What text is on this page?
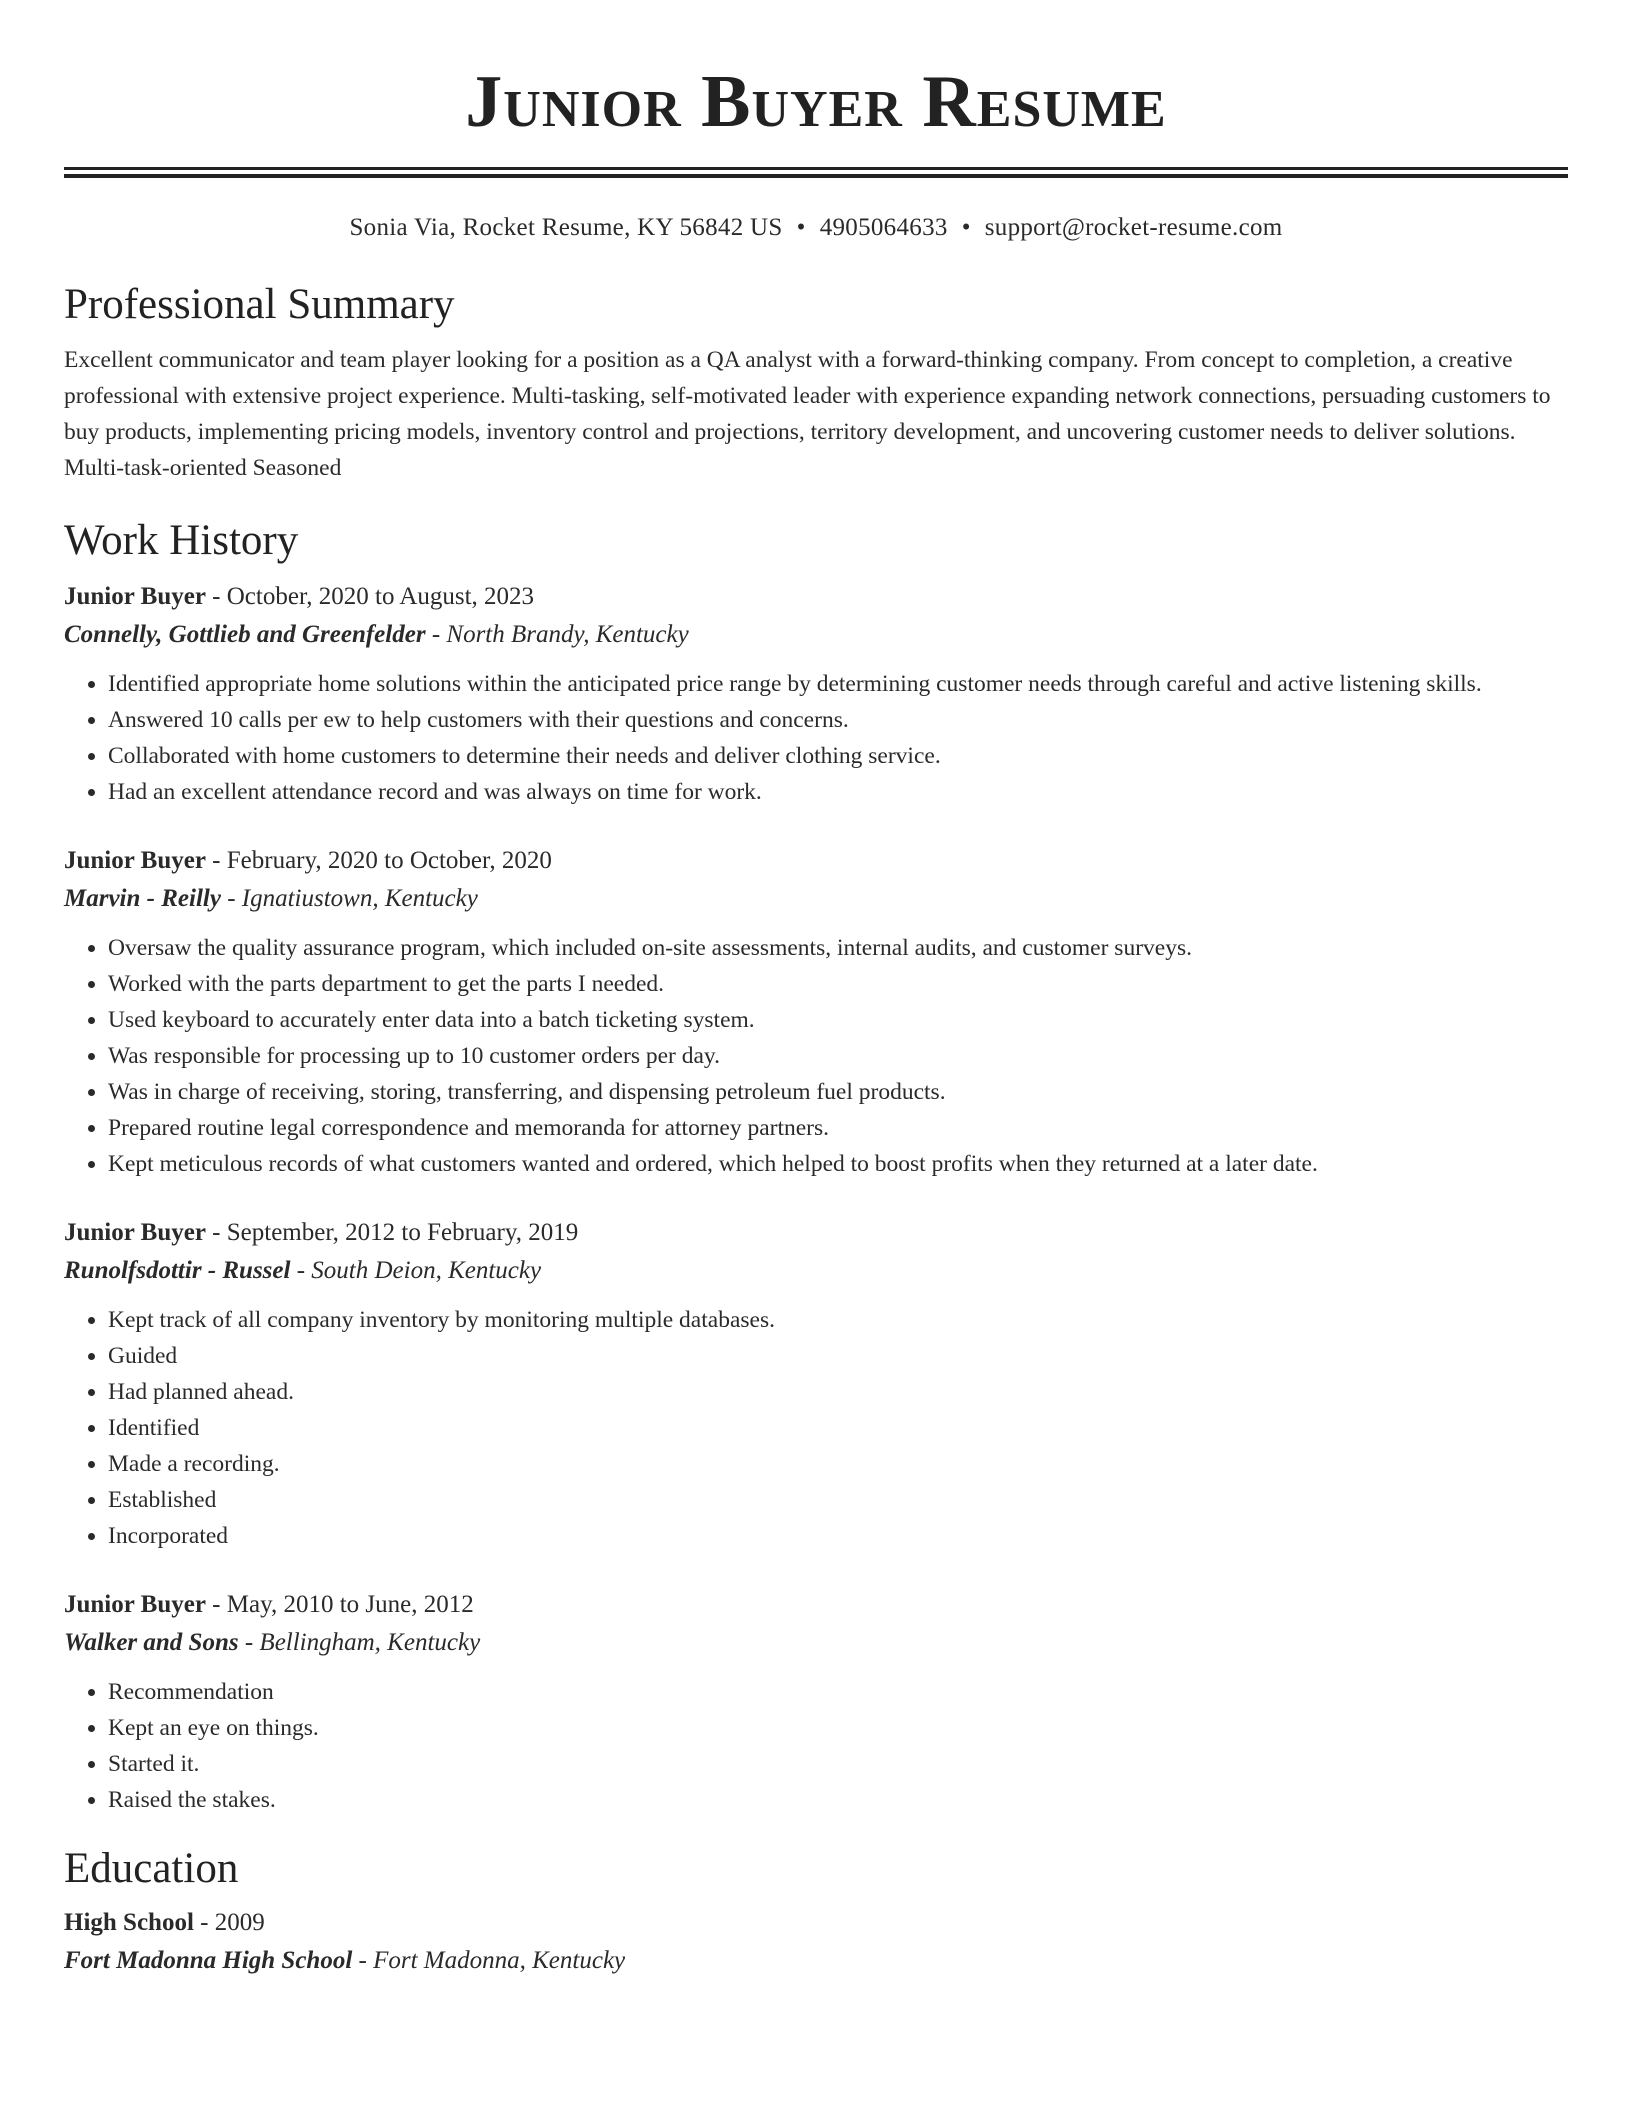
Junior Buyer Resume
Sonia Via, Rocket Resume, KY 56842 US • 4905064633 • support@rocket-resume.com
Professional Summary
Excellent communicator and team player looking for a position as a QA analyst with a forward-thinking company. From concept to completion, a creative professional with extensive project experience. Multi-tasking, self-motivated leader with experience expanding network connections, persuading customers to buy products, implementing pricing models, inventory control and projections, territory development, and uncovering customer needs to deliver solutions. Multi-task-oriented Seasoned
Work History
Junior Buyer - October, 2020 to August, 2023
Connelly, Gottlieb and Greenfelder - North Brandy, Kentucky
• Identified appropriate home solutions within the anticipated price range by determining customer needs through careful and active listening skills.
• Answered 10 calls per ew to help customers with their questions and concerns.
• Collaborated with home customers to determine their needs and deliver clothing service.
• Had an excellent attendance record and was always on time for work.
Junior Buyer - February, 2020 to October, 2020
Marvin - Reilly - Ignatiustown, Kentucky
• Oversaw the quality assurance program, which included on-site assessments, internal audits, and customer surveys.
• Worked with the parts department to get the parts I needed.
• Used keyboard to accurately enter data into a batch ticketing system.
• Was responsible for processing up to 10 customer orders per day.
• Was in charge of receiving, storing, transferring, and dispensing petroleum fuel products.
• Prepared routine legal correspondence and memoranda for attorney partners.
• Kept meticulous records of what customers wanted and ordered, which helped to boost profits when they returned at a later date.
Junior Buyer - September, 2012 to February, 2019
Runolfsdottir - Russel - South Deion, Kentucky
• Kept track of all company inventory by monitoring multiple databases.
• Guided
• Had planned ahead.
• Identified
• Made a recording.
• Established
• Incorporated
Junior Buyer - May, 2010 to June, 2012
Walker and Sons - Bellingham, Kentucky
• Recommendation
• Kept an eye on things.
• Started it.
• Raised the stakes.
Education
High School - 2009
Fort Madonna High School - Fort Madonna, Kentucky
